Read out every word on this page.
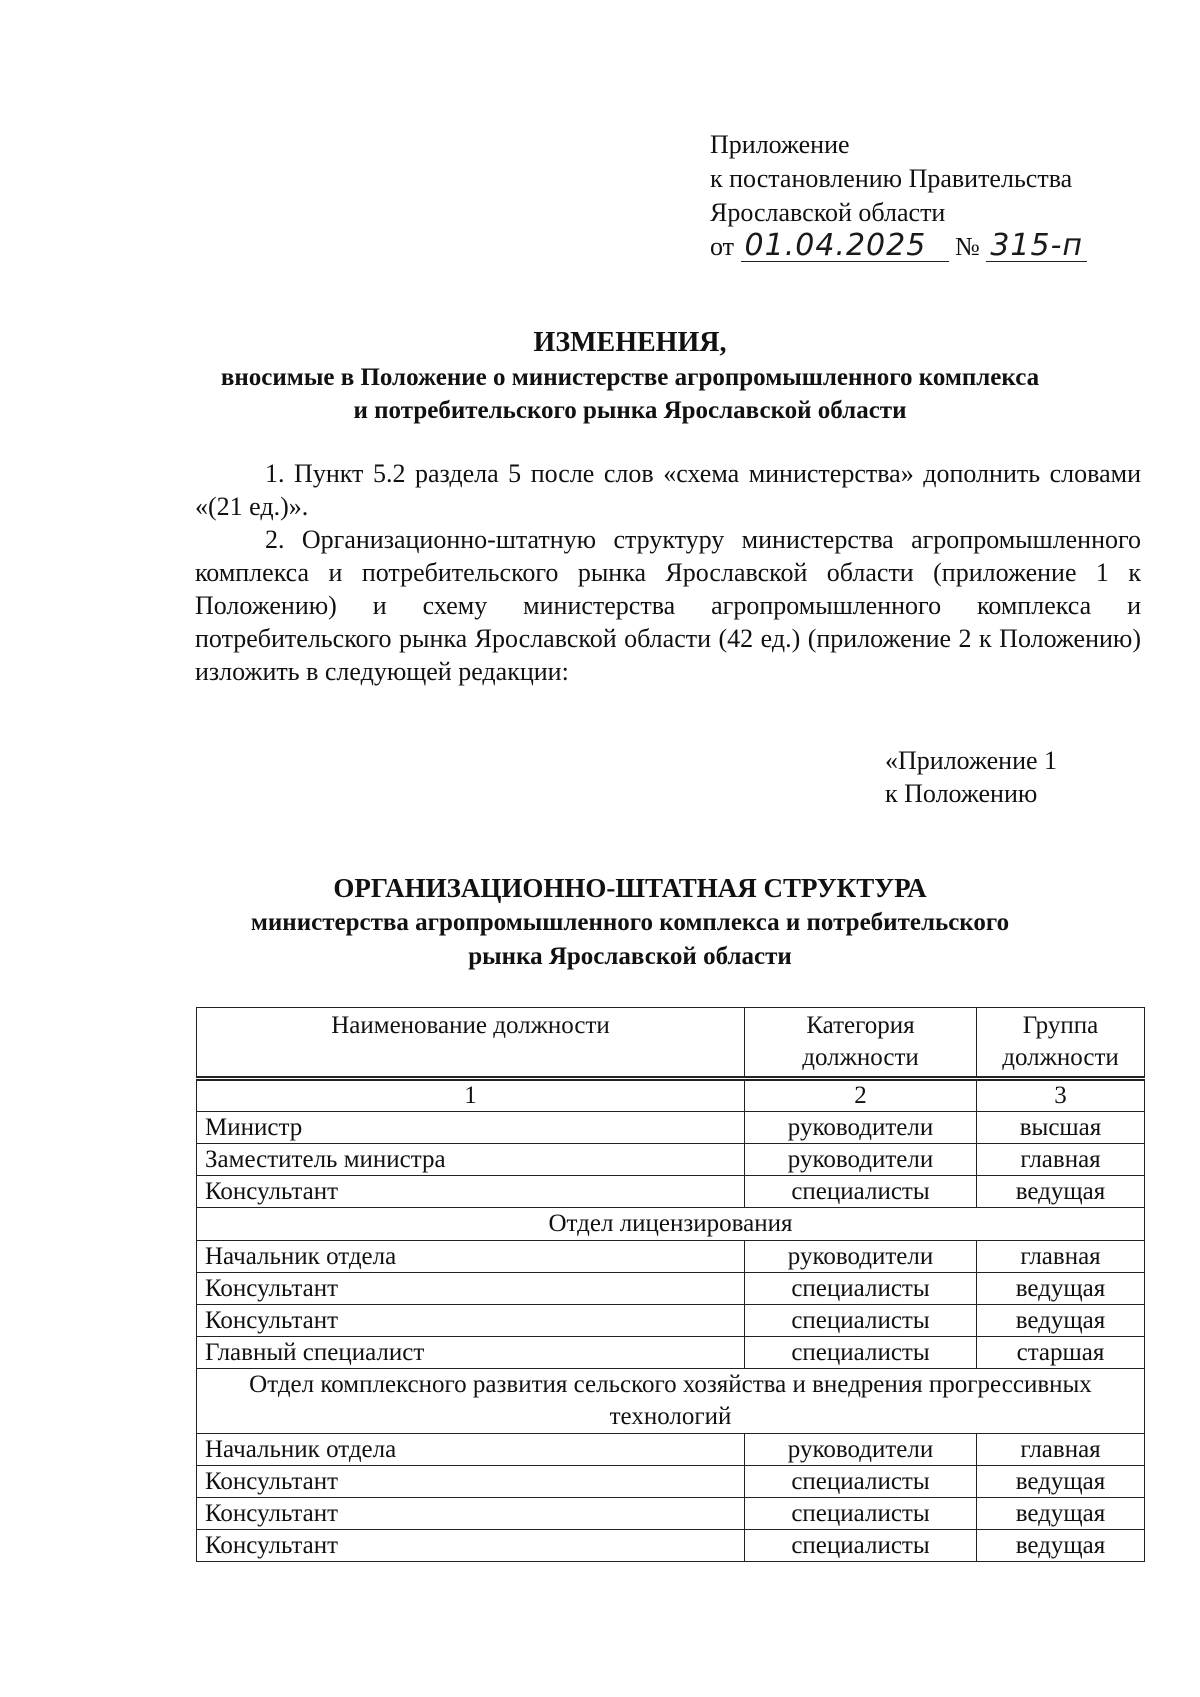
Приложение
к постановлению Правительства
Ярославской области
от 01.04.2025 № 315-п
ИЗМЕНЕНИЯ,
вносимые в Положение о министерстве агропромышленного комплекса
и потребительского рынка Ярославской области

1. Пункт 5.2 раздела 5 после слов «схема министерства» дополнить словами «(21 ед.)».

2. Организационно-штатную структуру министерства агропромышленного комплекса и потребительского рынка Ярославской области (приложение 1 к Положению) и схему министерства агропромышленного комплекса и потребительского рынка Ярославской области (42 ед.) (приложение 2 к Положению) изложить в следующей редакции:

«Приложение 1
к Положению
ОРГАНИЗАЦИОННО-ШТАТНАЯ СТРУКТУРА
министерства агропромышленного комплекса и потребительского
рынка Ярославской области
Наименование должности	Категория должности	Группа должности
1	2	3
Министр	руководители	высшая
Заместитель министра	руководители	главная
Консультант	специалисты	ведущая
Отдел лицензирования		
Начальник отдела	руководители	главная
Консультант	специалисты	ведущая
Консультант	специалисты	ведущая
Главный специалист	специалисты	старшая
Отдел комплексного развития сельского хозяйства и внедрения прогрессивных технологий		
Начальник отдела	руководители	главная
Консультант	специалисты	ведущая
Консультант	специалисты	ведущая
Консультант	специалисты	ведущая
